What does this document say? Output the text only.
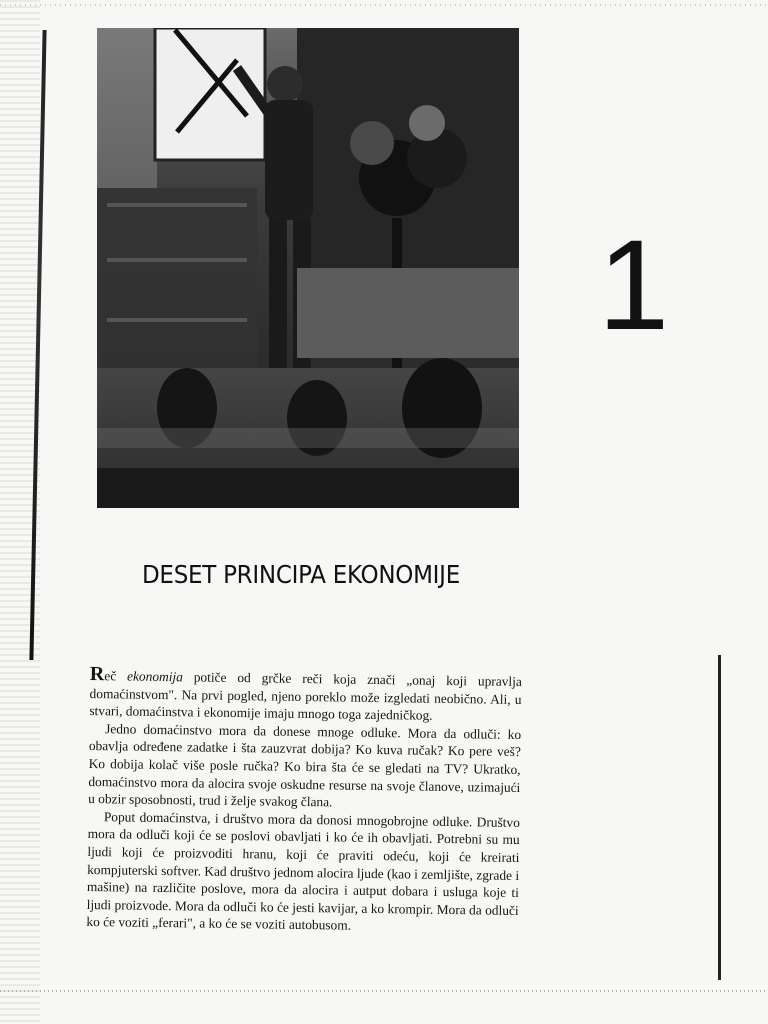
1
DESET PRINCIPA EKONOMIJE

Reč ekonomija potiče od grčke reči koja znači „onaj koji upravlja domaćinstvom". Na prvi pogled, njeno poreklo može izgledati neobično. Ali, u stvari, domaćinstva i ekonomije imaju mnogo toga zajedničkog.

Jedno domaćinstvo mora da donese mnoge odluke. Mora da odluči: ko obavlja određene zadatke i šta zauzvrat dobija? Ko kuva ručak? Ko pere veš? Ko dobija kolač više posle ručka? Ko bira šta će se gledati na TV? Ukratko, domaćinstvo mora da alocira svoje oskudne resurse na svoje članove, uzimajući u obzir sposobnosti, trud i želje svakog člana.

Poput domaćinstva, i društvo mora da donosi mnogobrojne odluke. Društvo mora da odluči koji će se poslovi obavljati i ko će ih obavljati. Potrebni su mu ljudi koji će proizvoditi hranu, koji će praviti odeću, koji će kreirati kompjuterski softver. Kad društvo jednom alocira ljude (kao i zemljište, zgrade i mašine) na različite poslove, mora da alocira i autput dobara i usluga koje ti ljudi proizvode. Mora da odluči ko će jesti kavijar, a ko krompir. Mora da odluči ko će voziti „ferari", a ko će se voziti autobusom.
